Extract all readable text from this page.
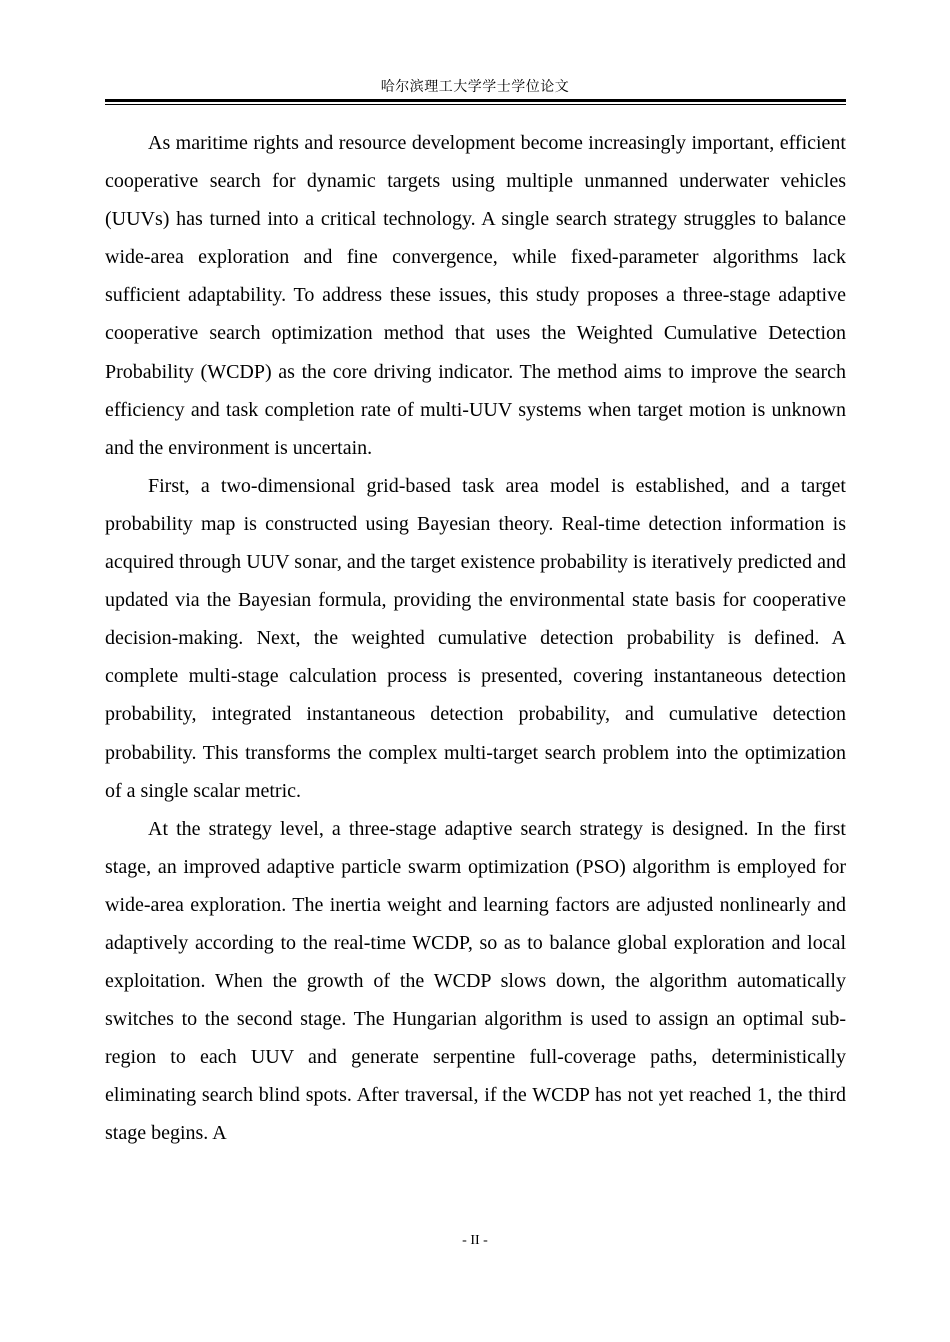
哈尔滨理工大学学士学位论文

As maritime rights and resource development become increasingly important, efficient cooperative search for dynamic targets using multiple unmanned underwater vehicles (UUVs) has turned into a critical technology. A single search strategy struggles to balance wide-area exploration and fine convergence, while fixed-parameter algorithms lack sufficient adaptability. To address these issues, this study proposes a three-stage adaptive cooperative search optimization method that uses the Weighted Cumulative Detection Probability (WCDP) as the core driving indicator. The method aims to improve the search efficiency and task completion rate of multi-UUV systems when target motion is unknown and the environment is uncertain.

First, a two-dimensional grid-based task area model is established, and a target probability map is constructed using Bayesian theory. Real-time detection information is acquired through UUV sonar, and the target existence probability is iteratively predicted and updated via the Bayesian formula, providing the environmental state basis for cooperative decision-making. Next, the weighted cumulative detection probability is defined. A complete multi-stage calculation process is presented, covering instantaneous detection probability, integrated instantaneous detection probability, and cumulative detection probability. This transforms the complex multi-target search problem into the optimization of a single scalar metric.

At the strategy level, a three-stage adaptive search strategy is designed. In the first stage, an improved adaptive particle swarm optimization (PSO) algorithm is employed for wide-area exploration. The inertia weight and learning factors are adjusted nonlinearly and adaptively according to the real-time WCDP, so as to balance global exploration and local exploitation. When the growth of the WCDP slows down, the algorithm automatically switches to the second stage. The Hungarian algorithm is used to assign an optimal sub-region to each UUV and generate serpentine full-coverage paths, deterministically eliminating search blind spots. After traversal, if the WCDP has not yet reached 1, the third stage begins. A

- II -
